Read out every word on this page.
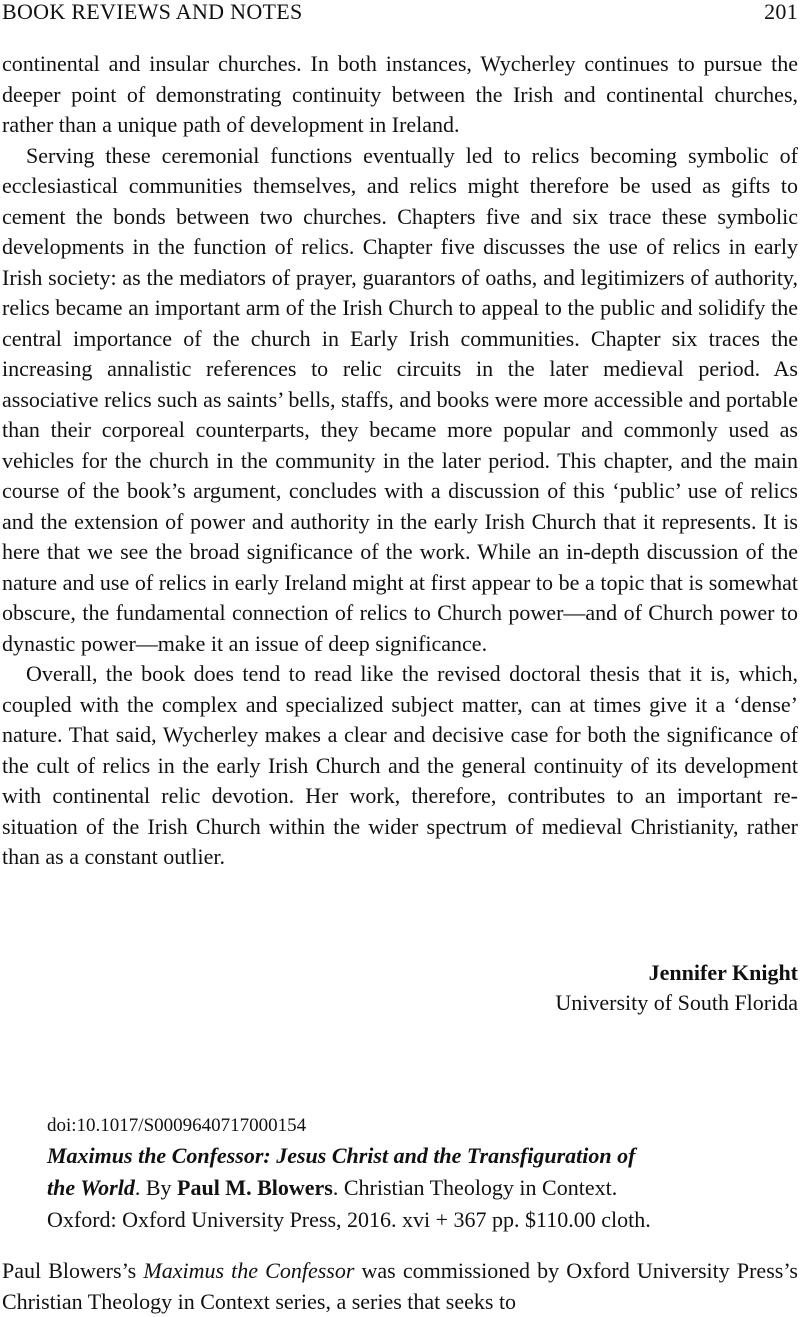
BOOK REVIEWS AND NOTES	201

continental and insular churches. In both instances, Wycherley continues to pursue the deeper point of demonstrating continuity between the Irish and continental churches, rather than a unique path of development in Ireland.

Serving these ceremonial functions eventually led to relics becoming symbolic of ecclesiastical communities themselves, and relics might therefore be used as gifts to cement the bonds between two churches. Chapters five and six trace these symbolic developments in the function of relics. Chapter five discusses the use of relics in early Irish society: as the mediators of prayer, guarantors of oaths, and legitimizers of authority, relics became an important arm of the Irish Church to appeal to the public and solidify the central importance of the church in Early Irish communities. Chapter six traces the increasing annalistic references to relic circuits in the later medieval period. As associative relics such as saints’ bells, staffs, and books were more accessible and portable than their corporeal counterparts, they became more popular and commonly used as vehicles for the church in the community in the later period. This chapter, and the main course of the book’s argument, concludes with a discussion of this ‘public’ use of relics and the extension of power and authority in the early Irish Church that it represents. It is here that we see the broad significance of the work. While an in-depth discussion of the nature and use of relics in early Ireland might at first appear to be a topic that is somewhat obscure, the fundamental connection of relics to Church power—and of Church power to dynastic power—make it an issue of deep significance.

Overall, the book does tend to read like the revised doctoral thesis that it is, which, coupled with the complex and specialized subject matter, can at times give it a ‘dense’ nature. That said, Wycherley makes a clear and decisive case for both the significance of the cult of relics in the early Irish Church and the general continuity of its development with continental relic devotion. Her work, therefore, contributes to an important re-situation of the Irish Church within the wider spectrum of medieval Christianity, rather than as a constant outlier.

Jennifer Knight
University of South Florida
doi:10.1017/S0009640717000154
Maximus the Confessor: Jesus Christ and the Transfiguration of
the World. By Paul M. Blowers. Christian Theology in Context.
Oxford: Oxford University Press, 2016. xvi + 367 pp. $110.00 cloth.

Paul Blowers’s Maximus the Confessor was commissioned by Oxford University Press’s Christian Theology in Context series, a series that seeks to
